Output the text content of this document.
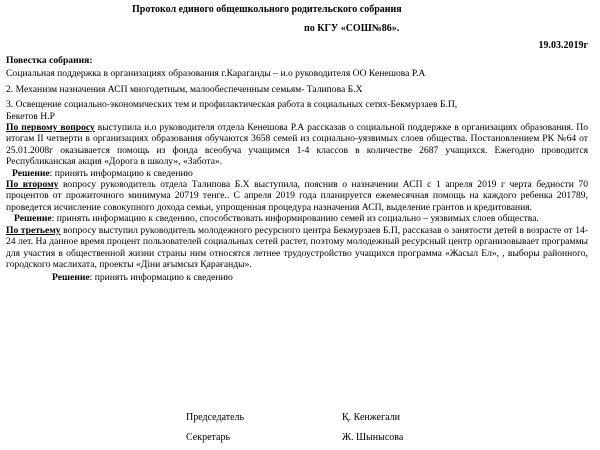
Протокол единого общешкольного родительского собрания
по КГУ «СОШ№86».
19.03.2019г

Повестка собрания:

Социальная поддержка в организациях образования г.Караганды – и.о руководителя ОО Кенешова Р.А

2. Механизм назначения АСП многодетным, малообеспеченным семьям- Талипова Б.Х

3. Освещение социально-экономических тем и профилактическая работа в социальных сетях-Бекмурзаев Б.П,

Бекетов Н.Р

По первому вопросу выступила и.о руководителя отдела Кенешова Р.А рассказав о социальной поддержке в организациях образования. По итогам II четверти в организациях образования обучаются 3658 семей из социально-уязвимых слоев общества. Постановлением РК №64 от 25.01.2008г оказывается помощь из фонда всеобуча учащимся 1-4 классов в количестве 2687 учащихся. Ежегодно проводится Республиканская акция «Дорога в школу», «Забота».

Решение: принять информацию к сведению

По второму вопросу руководитель отдела Талипова Б.Х выступила, пояснив о назначении АСП с 1 апреля 2019 г черта бедности 70 процентов от прожиточного минимума 20719 тенге.. С апреля 2019 года планируется ежемесячная помощь на каждого ребенка 201789, проведется исчисление совокупного дохода семьи, упрощенная процедура назначения АСП, выделение грантов и кредитования.

Решение: принять информацию к сведению, способствовать информированию семей из социально – уязвимых слоев общества.

По третьему вопросу выступил руководитель молодежного ресурсного центра Бекмурзаев Б.П, рассказав о занятости детей в возрасте от 14-24 лет. На данное время процент пользователей социальных сетей растет, поэтому молодежный ресурсный центр организовывает программы для участия в общественной жизни страны ним относятся летнее трудоустройство учащихся программа «Жасыл Ел», , выборы районного, городского маслихата, проекты «Діни ағымсыз Қарағанды».

Решение: принять информацию к сведению

Председатель	Қ. Кенжегали
Секретарь	Ж. Шыныcова
